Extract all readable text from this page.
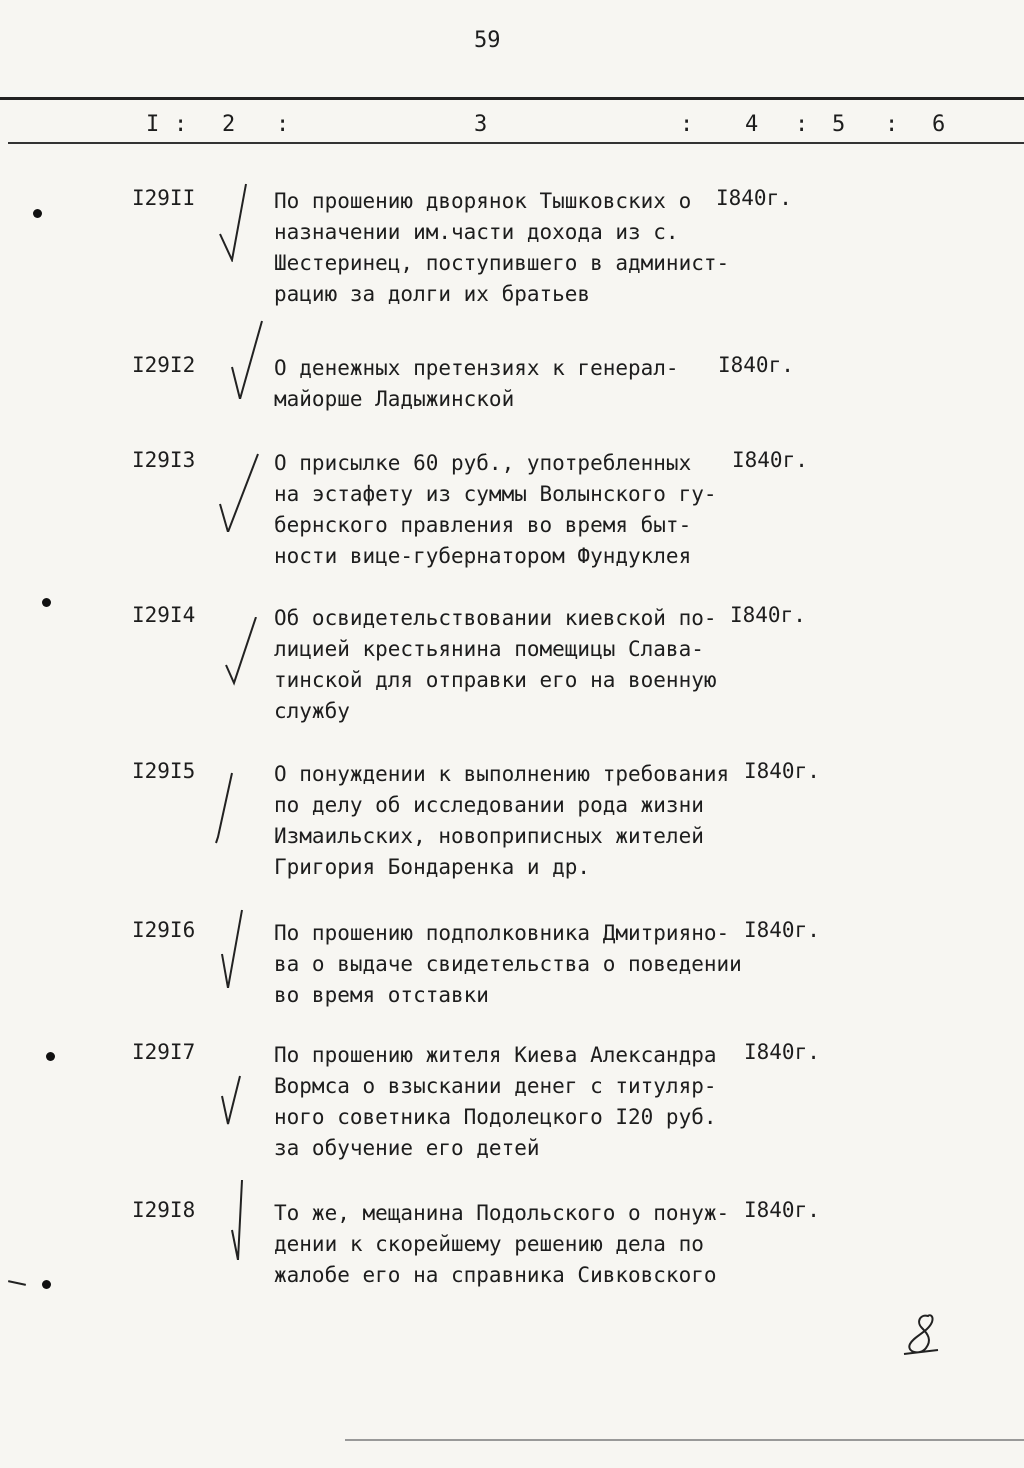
59
I : 2 :	3	: 4 : 5 : 6
I29II	По прошению дворянок Тышковских о
назначении им.части дохода из с.
Шестеринец, поступившего в админист-
рацию за долги их братьев
I840г.
I29I2	О денежных претензиях к генерал-
майорше Ладыжинской
I840г.
I29I3	О присылке 60 руб., употребленных
на эстафету из суммы Волынского гу-
бернского правления во время быт-
ности вице-губернатором Фундуклея
I840г.
I29I4	Об освидетельствовании киевской по-
лицией крестьянина помещицы Слава-
тинской для отправки его на военную
службу
I840г.
I29I5	О понуждении к выполнению требования
по делу об исследовании рода жизни
Измаильских, новоприписных жителей
Григория Бондаренка и др.
I840г.
I29I6	По прошению подполковника Дмитрияно-
ва о выдаче свидетельства о поведении
во время отставки
I840г.
I29I7	По прошению жителя Киева Александра
Вормса о взыскании денег с титуляр-
ного советника Подолецкого I20 руб.
за обучение его детей
I840г.
I29I8	То же, мещанина Подольского о понуж-
дении к скорейшему решению дела по
жалобе его на справника Сивковского
I840г.
